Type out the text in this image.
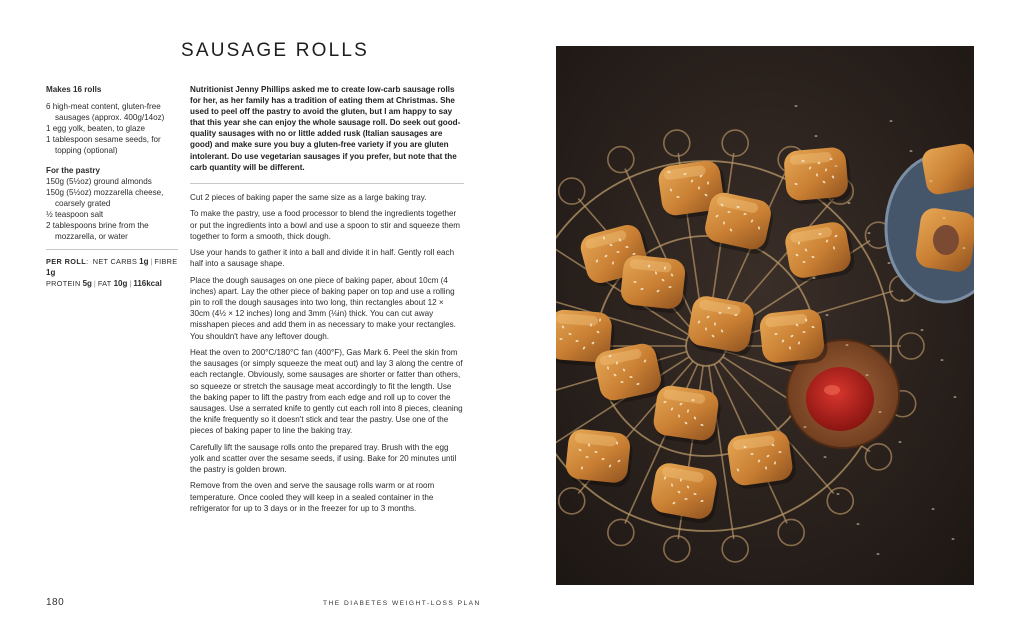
SAUSAGE ROLLS
Makes 16 rolls
6 high-meat content, gluten-free sausages (approx. 400g/14oz)
1 egg yolk, beaten, to glaze
1 tablespoon sesame seeds, for topping (optional)
For the pastry
150g (5½oz) ground almonds
150g (5½oz) mozzarella cheese, coarsely grated
½ teaspoon salt
2 tablespoons brine from the mozzarella, or water
PER ROLL:  NET CARBS 1g | FIBRE 1g
PROTEIN 5g | FAT 10g | 116kcal

Nutritionist Jenny Phillips asked me to create low-carb sausage rolls for her, as her family has a tradition of eating them at Christmas. She used to peel off the pastry to avoid the gluten, but I am happy to say that this year she can enjoy the whole sausage roll. Do seek out good-quality sausages with no or little added rusk (Italian sausages are good) and make sure you buy a gluten-free variety if you are gluten intolerant. Do use vegetarian sausages if you prefer, but note that the carb quantity will be different.

Cut 2 pieces of baking paper the same size as a large baking tray.

To make the pastry, use a food processor to blend the ingredients together or put the ingredients into a bowl and use a spoon to stir and squeeze them together to form a smooth, thick dough.

Use your hands to gather it into a ball and divide it in half. Gently roll each half into a sausage shape.

Place the dough sausages on one piece of baking paper, about 10cm (4 inches) apart. Lay the other piece of baking paper on top and use a rolling pin to roll the dough sausages into two long, thin rectangles about 12 × 30cm (4½ × 12 inches) long and 3mm (⅛in) thick. You can cut away misshapen pieces and add them in as necessary to make your rectangles. You shouldn't have any leftover dough.

Heat the oven to 200°C/180°C fan (400°F), Gas Mark 6. Peel the skin from the sausages (or simply squeeze the meat out) and lay 3 along the centre of each rectangle. Obviously, some sausages are shorter or fatter than others, so squeeze or stretch the sausage meat accordingly to fit the length. Use the baking paper to lift the pastry from each edge and roll up to cover the sausages. Use a serrated knife to gently cut each roll into 8 pieces, cleaning the knife frequently so it doesn't stick and tear the pastry. Use one of the pieces of baking paper to line the baking tray.

Carefully lift the sausage rolls onto the prepared tray. Brush with the egg yolk and scatter over the sesame seeds, if using. Bake for 20 minutes until the pastry is golden brown.

Remove from the oven and serve the sausage rolls warm or at room temperature. Once cooled they will keep in a sealed container in the refrigerator for up to 3 days or in the freezer for up to 3 months.

180	THE DIABETES WEIGHT-LOSS PLAN
